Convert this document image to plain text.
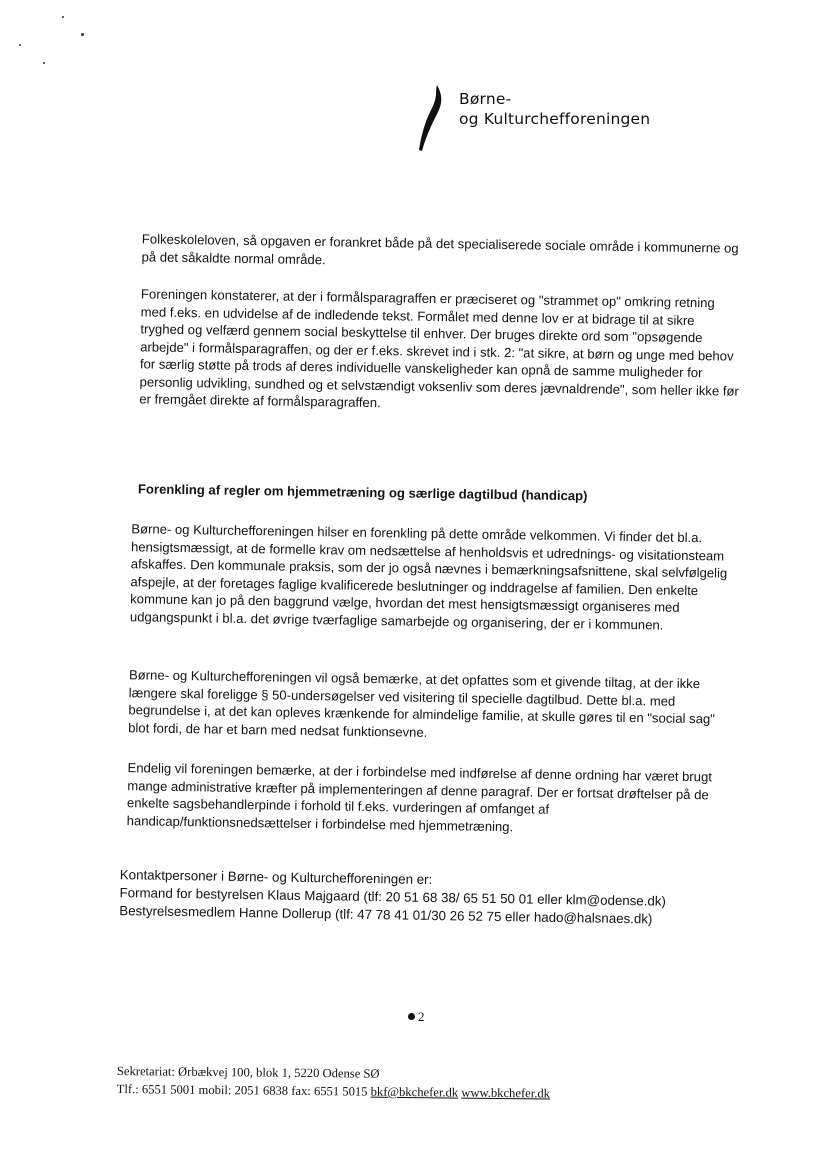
Børne-
og Kulturchefforeningen

Folkeskoleloven, så opgaven er forankret både på det specialiserede sociale område i kommunerne og på det såkaldte normal område.

Foreningen konstaterer, at der i formålsparagraffen er præciseret og "strammet op" omkring retning med f.eks. en udvidelse af de indledende tekst. Formålet med denne lov er at bidrage til at sikre tryghed og velfærd gennem social beskyttelse til enhver. Der bruges direkte ord som "opsøgende arbejde" i formålsparagraffen, og der er f.eks. skrevet ind i stk. 2: "at sikre, at børn og unge med behov for særlig støtte på trods af deres individuelle vanskeligheder kan opnå de samme muligheder for personlig udvikling, sundhed og et selvstændigt voksenliv som deres jævnaldrende", som heller ikke før er fremgået direkte af formålsparagraffen.

Forenkling af regler om hjemmetræning og særlige dagtilbud (handicap)

Børne- og Kulturchefforeningen hilser en forenkling på dette område velkommen. Vi finder det bl.a. hensigtsmæssigt, at de formelle krav om nedsættelse af henholdsvis et udrednings- og visitationsteam afskaffes. Den kommunale praksis, som der jo også nævnes i bemærkningsafsnittene, skal selvfølgelig afspejle, at der foretages faglige kvalificerede beslutninger og inddragelse af familien. Den enkelte kommune kan jo på den baggrund vælge, hvordan det mest hensigtsmæssigt organiseres med udgangspunkt i bl.a. det øvrige tværfaglige samarbejde og organisering, der er i kommunen.

Børne- og Kulturchefforeningen vil også bemærke, at det opfattes som et givende tiltag, at der ikke længere skal foreligge § 50-undersøgelser ved visitering til specielle dagtilbud. Dette bl.a. med begrundelse i, at det kan opleves krænkende for almindelige familie, at skulle gøres til en "social sag" blot fordi, de har et barn med nedsat funktionsevne.

Endelig vil foreningen bemærke, at der i forbindelse med indførelse af denne ordning har været brugt mange administrative kræfter på implementeringen af denne paragraf. Der er fortsat drøftelser på de enkelte sagsbehandlerpinde i forhold til f.eks. vurderingen af omfanget af handicap/funktionsnedsættelser i forbindelse med hjemmetræning.

Kontaktpersoner i Børne- og Kulturchefforeningen er:
Formand for bestyrelsen Klaus Majgaard (tlf: 20 51 68 38/ 65 51 50 01 eller klm@odense.dk)
Bestyrelsesmedlem Hanne Dollerup (tlf: 47 78 41 01/30 26 52 75 eller hado@halsnaes.dk)
2
Sekretariat: Ørbækvej 100, blok 1, 5220 Odense SØ
Tlf.: 6551 5001 mobil: 2051 6838 fax: 6551 5015 bkf@bkchefer.dk www.bkchefer.dk
